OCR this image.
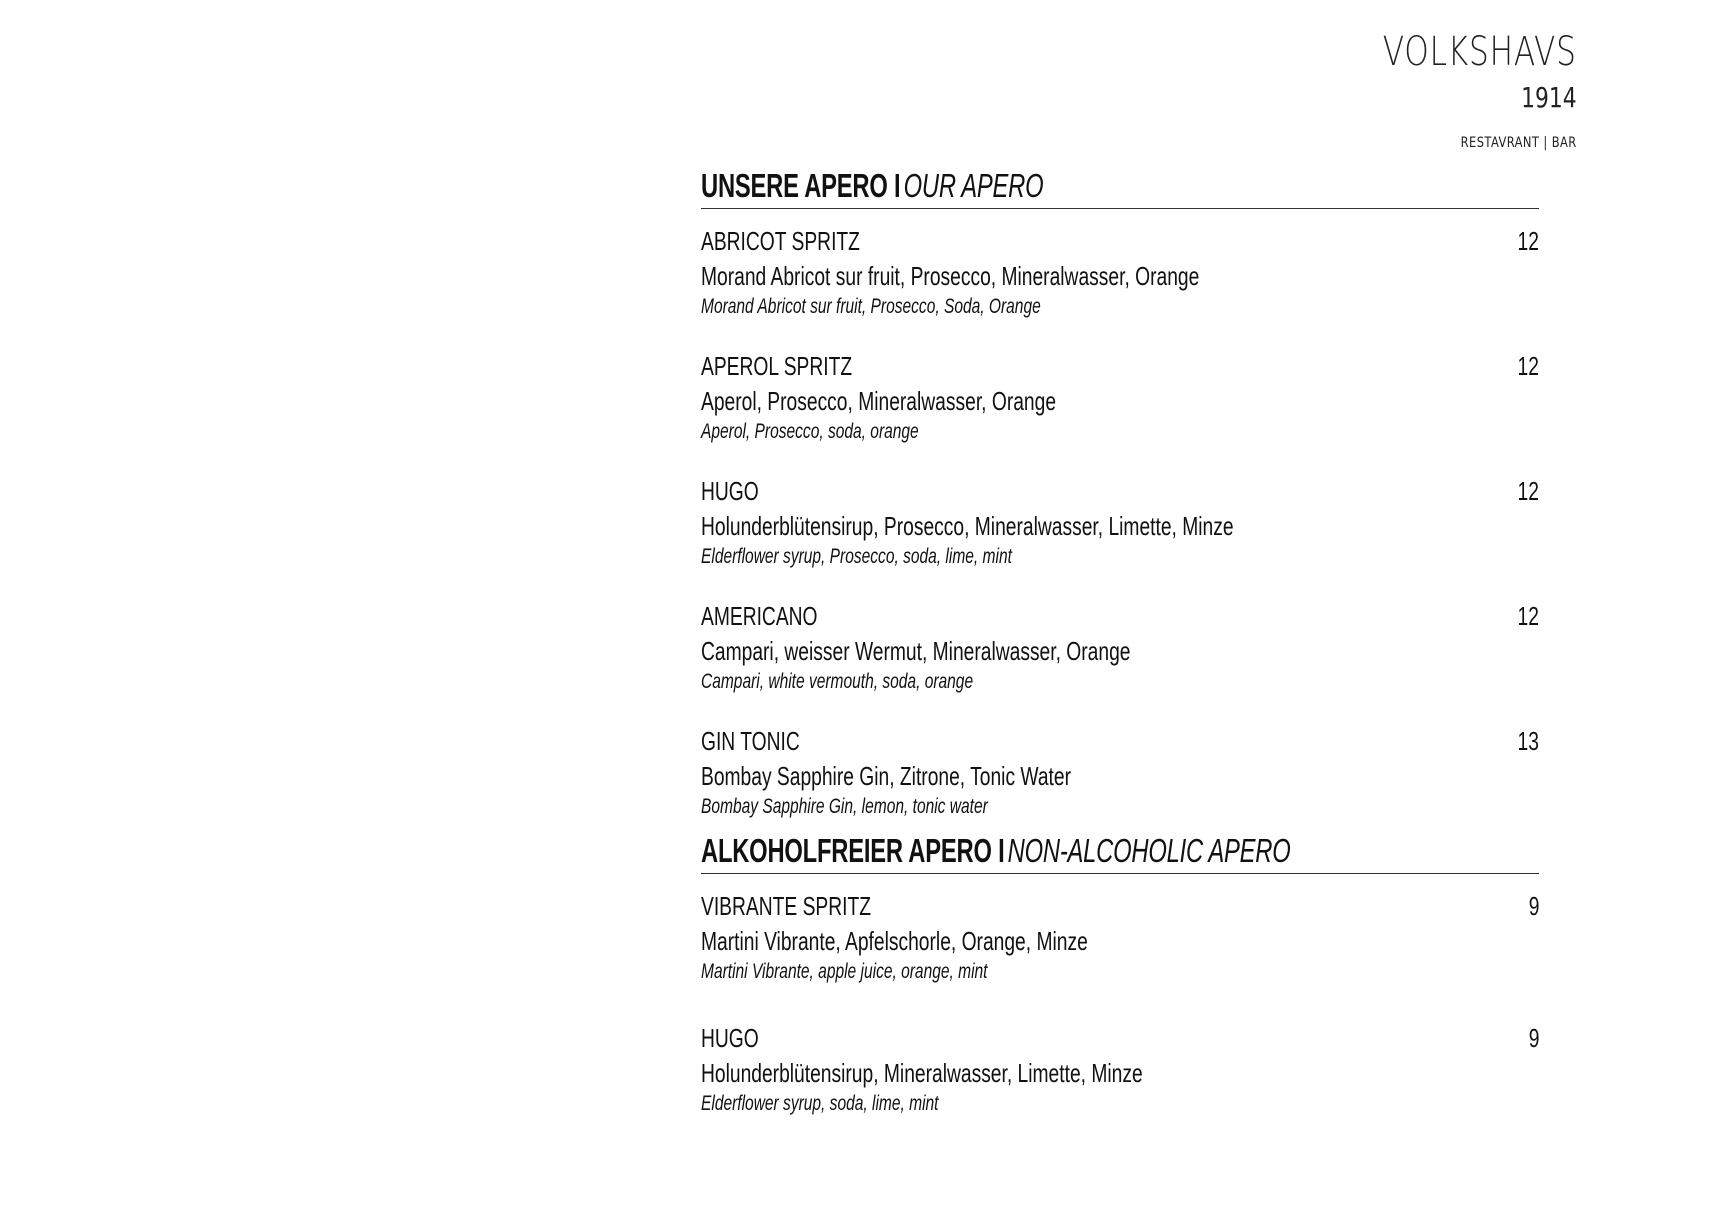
VOLKSHAVS
1914
RESTAVRANT | BAR
UNSERE APERO I OUR APERO
ABRICOT SPRITZ	12
Morand Abricot sur fruit, Prosecco, Mineralwasser, Orange
Morand Abricot sur fruit, Prosecco, Soda, Orange
APEROL SPRITZ	12
Aperol, Prosecco, Mineralwasser, Orange
Aperol, Prosecco, soda, orange
HUGO	12
Holunderblütensirup, Prosecco, Mineralwasser, Limette, Minze
Elderflower syrup, Prosecco, soda, lime, mint
AMERICANO	12
Campari, weisser Wermut, Mineralwasser, Orange
Campari, white vermouth, soda, orange
GIN TONIC	13
Bombay Sapphire Gin, Zitrone, Tonic Water
Bombay Sapphire Gin, lemon, tonic water
ALKOHOLFREIER APERO I NON-ALCOHOLIC APERO
VIBRANTE SPRITZ	9
Martini Vibrante, Apfelschorle, Orange, Minze
Martini Vibrante, apple juice, orange, mint
HUGO	9
Holunderblütensirup, Mineralwasser, Limette, Minze
Elderflower syrup, soda, lime, mint
